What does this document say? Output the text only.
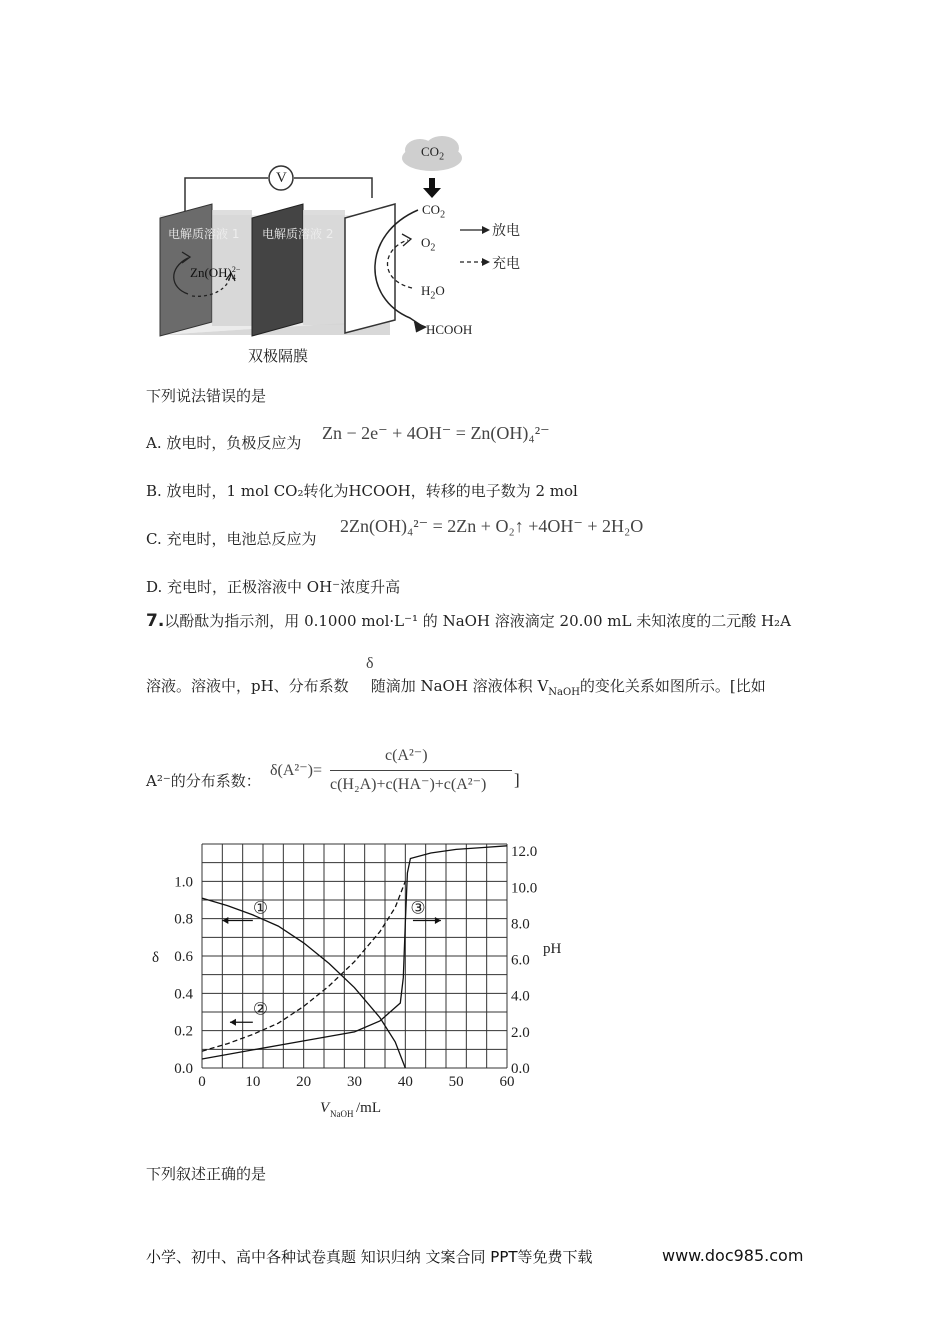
V
电解质溶液 1 电解质溶液 2
Zn(OH) 2−
4
$CO_2$
$CO_2$
$O_2$
$H_2O$
HCOOH
放电
充电
双极隔膜
下列说法错误的是
A. 放电时，负极反应为 Zn − 2e⁻ + 4OH⁻ = Zn(OH)₄²⁻
B. 放电时，1 mol CO₂转化为HCOOH，转移的电子数为 2 mol
C. 充电时，电池总反应为
2Zn(OH)₄²⁻ = 2Zn + O₂↑ +4OH⁻ + 2H₂O
D. 充电时，正极溶液中 OH⁻浓度升高
7.以酚酞为指示剂，用 0.1000 mol·L⁻¹ 的 NaOH 溶液滴定 20.00 mL 未知浓度的二元酸 H₂A
δ
溶液。溶液中，pH、分布系数 随滴加 NaOH 溶液体积 $V_{NaOH}$的变化关系如图所示。[比如
A²⁻的分布系数：
δ(A²⁻)=
c(A²⁻)
c(H₂A)+c(HA⁻)+c(A²⁻) ]
0	10 20 30 40 50 60
0.0
0.2
0.4
0.6
0.8
1.0
0.0
2.0
4.0
6.0
8.0
10.0
12.0
δ
pH
V NaOH /mL
①
②
③
下列叙述正确的是
小学、初中、高中各种试卷真题 知识归纳 文案合同 PPT等免费下载	www.doc985.com
